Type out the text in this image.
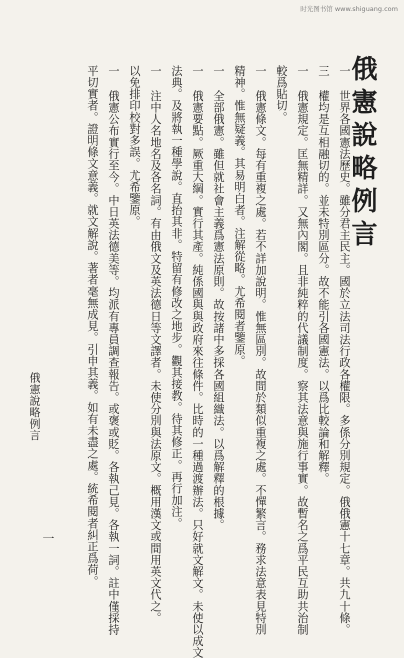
时光图书馆 www.shiguang.com
俄憲說略例言
一 世界各國憲法歷史。雖分君主民主。國於立法司法行政各權限。多係分別規定。俄俄憲十七章。共九十條。
三 權均是互相融切的。並未特別區分。故不能引各國憲法。以爲比較論和解釋。
一 俄憲規定。匡無精詳。又無內閣。且非純粹的代議制度。察其法意與施行事實。故暫名之爲平民互助共治制
較爲貼切。
一 俄憲條文。每有重複之處。若不詳加說明。惟無區別。故間於類似重複之處。不憚繁言。務求法意表見特別
精神。惟無疑義。其易明白者。注解從略。尤希閱者鑒原。
一 全部俄憲。雖但就社會主義爲憲法原則。故按諸中多採各國組織法。以爲解釋的根據。
一 俄憲要點。厥重大綱。實行其產。純係國與與政府來往條件。比時的一種過渡辦法。只好就文解文。未使以成文
法典。及將執一種學說。直抬其非。特留有修改之地步。觀其接教。待其修正。再行加注。
一 注中人名地名及各名詞。有由俄文及英法德日等文譯者。未使分別與法原文。概用漢文或間用英文代之。
以免排印校對多誤。尤希鑒原。
一 俄憲公布實行至今。中日英法德美等。均派有專員調查報告。或褒或貶。各執己見。各執一詞。註中僅採持
平切實者。證明條文意義。就文解說。著者毫無成見。引申其義。如有未盡之處。統希閱者糾正爲荷。
俄憲說略例言
一
